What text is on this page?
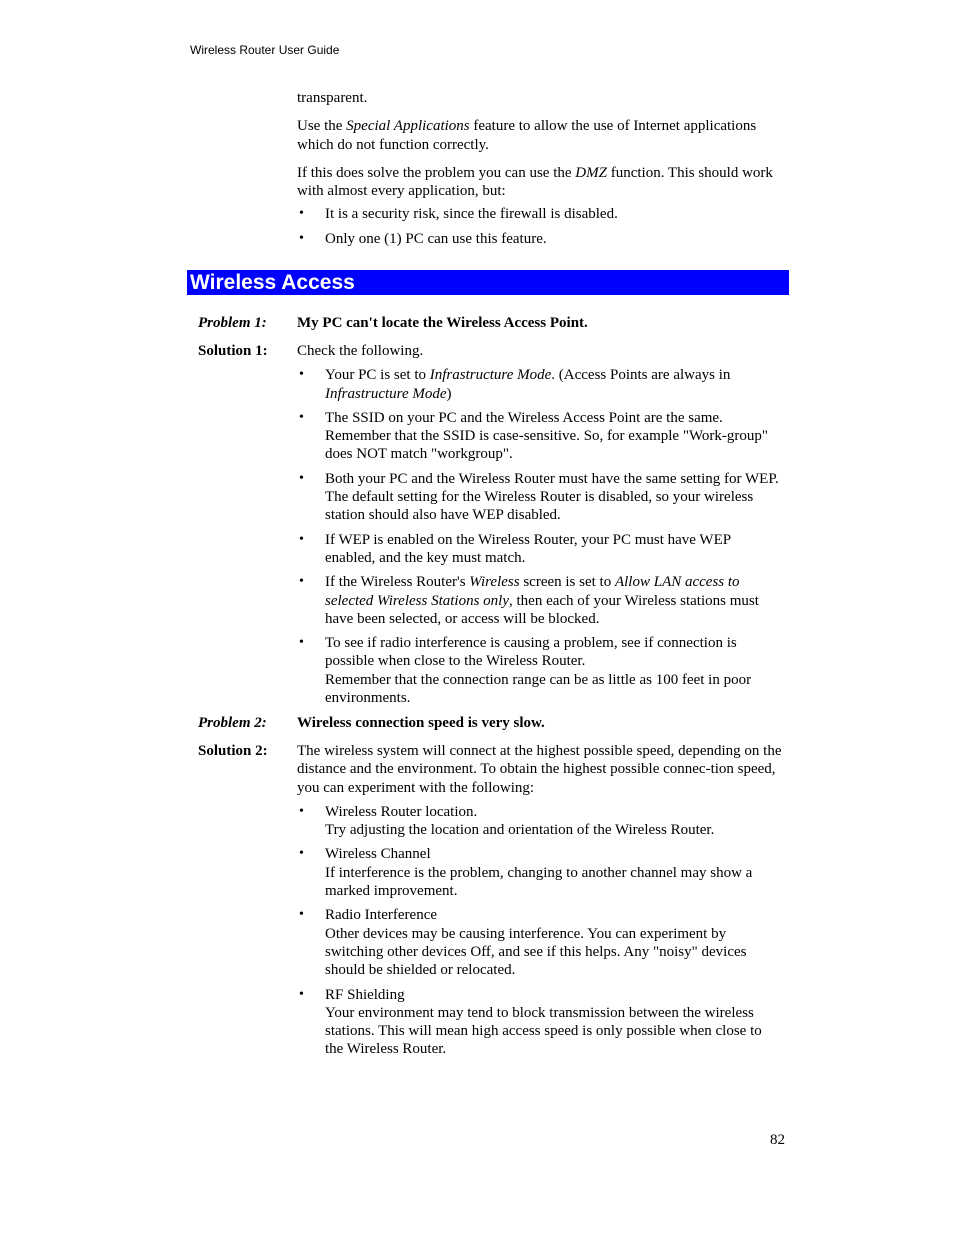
Wireless Router User Guide

transparent.

Use the Special Applications feature to allow the use of Internet applications which do not function correctly.

If this does solve the problem you can use the DMZ function. This should work with almost every application, but:

• It is a security risk, since the firewall is disabled.
• Only one (1) PC can use this feature.
Wireless Access
Problem 1:	My PC can't locate the Wireless Access Point.

Solution 1:	Check the following.

• Your PC is set to Infrastructure Mode. (Access Points are always in Infrastructure Mode)
• The SSID on your PC and the Wireless Access Point are the same. Remember that the SSID is case-sensitive. So, for example "Work-group" does NOT match "workgroup".
• Both your PC and the Wireless Router must have the same setting for WEP. The default setting for the Wireless Router is disabled, so your wireless station should also have WEP disabled.
• If WEP is enabled on the Wireless Router, your PC must have WEP enabled, and the key must match.
• If the Wireless Router's Wireless screen is set to Allow LAN access to selected Wireless Stations only, then each of your Wireless stations must have been selected, or access will be blocked.
• To see if radio interference is causing a problem, see if connection is possible when close to the Wireless Router.
Remember that the connection range can be as little as 100 feet in poor environments.
Problem 2:	Wireless connection speed is very slow.

Solution 2:	The wireless system will connect at the highest possible speed, depending on the distance and the environment. To obtain the highest possible connec-tion speed, you can experiment with the following:

• Wireless Router location.
Try adjusting the location and orientation of the Wireless Router.
• Wireless Channel
If interference is the problem, changing to another channel may show a marked improvement.
• Radio Interference
Other devices may be causing interference. You can experiment by switching other devices Off, and see if this helps. Any "noisy" devices should be shielded or relocated.
• RF Shielding
Your environment may tend to block transmission between the wireless stations. This will mean high access speed is only possible when close to the Wireless Router.
82
